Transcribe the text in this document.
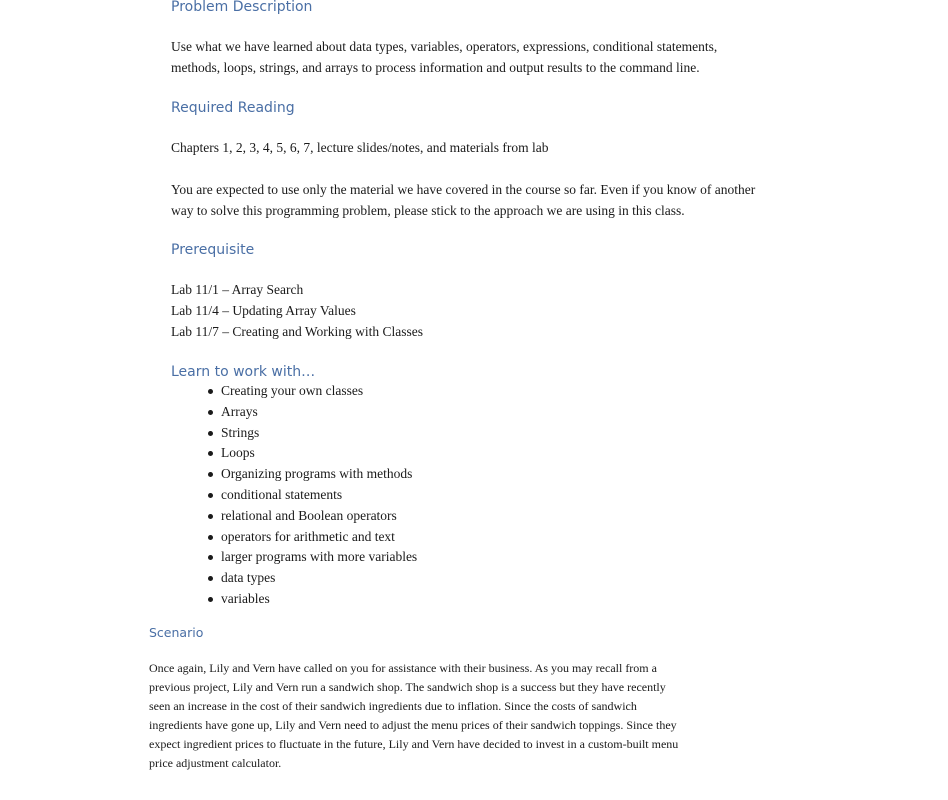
Problem Description
Use what we have learned about data types, variables, operators, expressions, conditional statements,
methods, loops, strings, and arrays to process information and output results to the command line.
Required Reading

Chapters 1, 2, 3, 4, 5, 6, 7, lecture slides/notes, and materials from lab

You are expected to use only the material we have covered in the course so far. Even if you know of another
way to solve this programming problem, please stick to the approach we are using in this class.
Prerequisite
Lab 11/1 – Array Search
Lab 11/4 – Updating Array Values
Lab 11/7 – Creating and Working with Classes
Learn to work with…
Creating your own classes
Arrays
Strings
Loops
Organizing programs with methods
conditional statements
relational and Boolean operators
operators for arithmetic and text
larger programs with more variables
data types
variables
Scenario
Once again, Lily and Vern have called on you for assistance with their business. As you may recall from a
previous project, Lily and Vern run a sandwich shop. The sandwich shop is a success but they have recently
seen an increase in the cost of their sandwich ingredients due to inflation. Since the costs of sandwich
ingredients have gone up, Lily and Vern need to adjust the menu prices of their sandwich toppings. Since they
expect ingredient prices to fluctuate in the future, Lily and Vern have decided to invest in a custom-built menu
price adjustment calculator.
